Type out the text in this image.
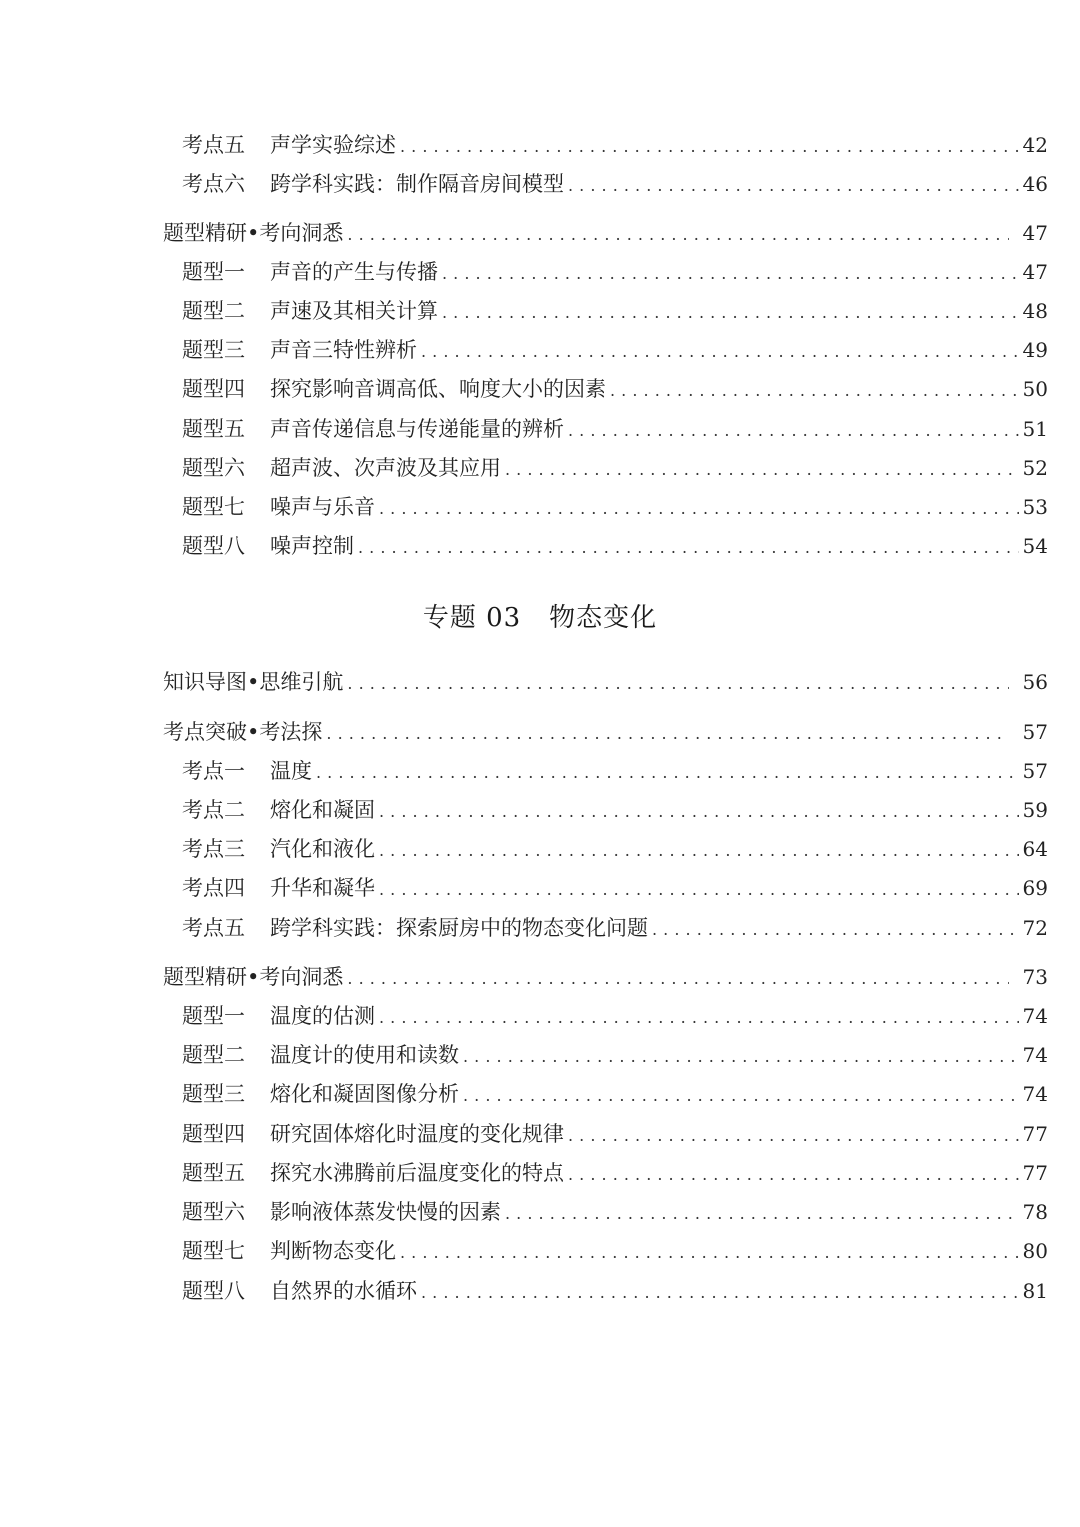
考点五	声学实验综述 . . .	42
考点六	跨学科实践：制作隔音房间模型 . . .	46
题型精研• 考向洞悉 . . .	47
题型一	声音的产生与传播 . . .	47
题型二	声速及其相关计算 . . .	48
题型三	声音三特性辨析 . . .	49
题型四	探究影响音调高低、响度大小的因素 . . .	50
题型五	声音传递信息与传递能量的辨析 . . .	51
题型六	超声波、次声波及其应用 . . .	52
题型七	噪声与乐音 . . .	53
题型八	噪声控制 . . .	54
专题 03 物态变化
知识导图• 思维引航 . . .	56
考点突破• 考法探 . . .	57
考点一	温度 . . .	57
考点二	熔化和凝固 . . .	59
考点三	汽化和液化 . . .	64
考点四	升华和凝华 . . .	69
考点五	跨学科实践：探索厨房中的物态变化问题 . . .	72
题型精研• 考向洞悉 . . .	73
题型一	温度的估测 . . .	74
题型二	温度计的使用和读数 . . .	74
题型三	熔化和凝固图像分析 . . .	74
题型四	研究固体熔化时温度的变化规律 . . .	77
题型五	探究水沸腾前后温度变化的特点 . . .	77
题型六	影响液体蒸发快慢的因素 . . .	78
题型七	判断物态变化 . . .	80
题型八	自然界的水循环 . . .	81
